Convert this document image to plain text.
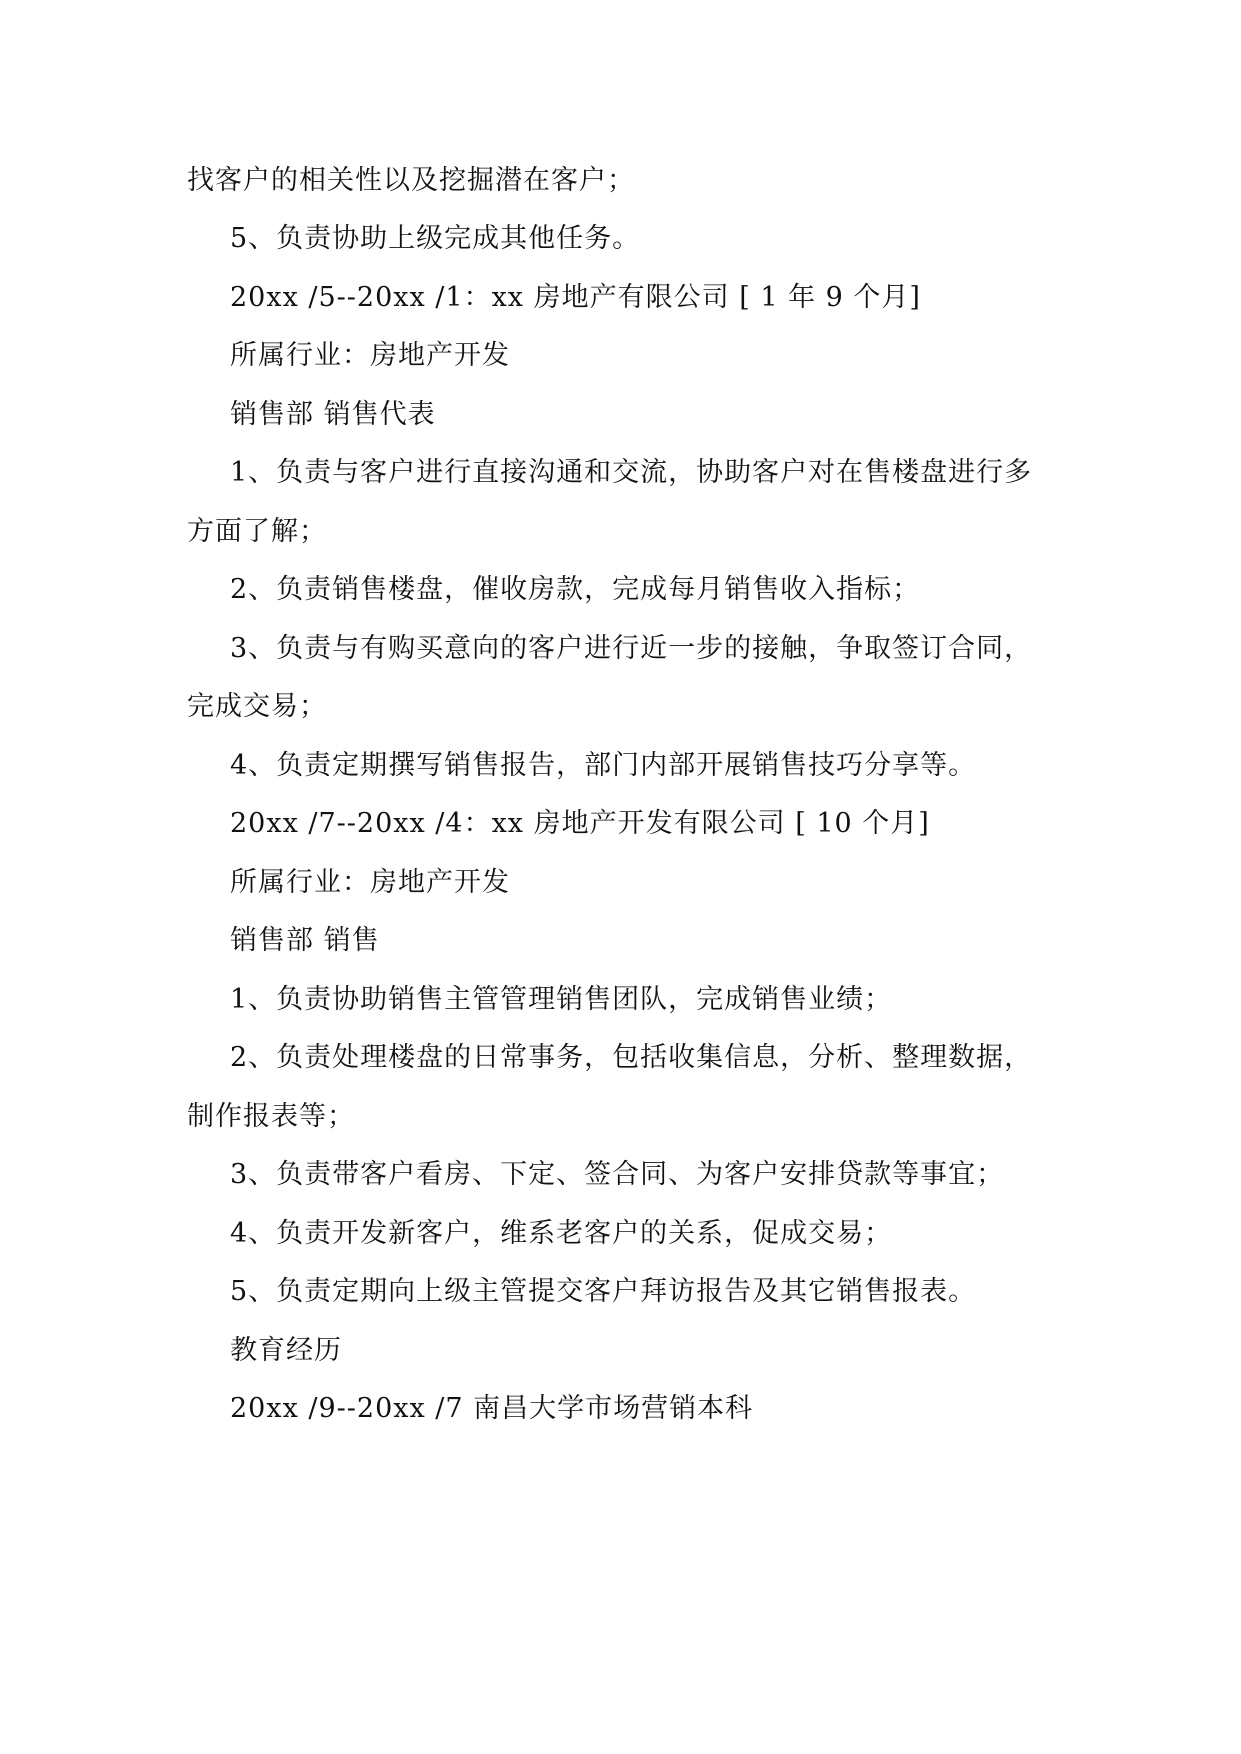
找客户的相关性以及挖掘潜在客户；
5、负责协助上级完成其他任务。
20xx /5--20xx /1：xx 房地产有限公司 [ 1 年 9 个月]
所属行业：房地产开发
销售部 销售代表
1、负责与客户进行直接沟通和交流，协助客户对在售楼盘进行多
方面了解；
2、负责销售楼盘，催收房款，完成每月销售收入指标；
3、负责与有购买意向的客户进行近一步的接触，争取签订合同，
完成交易；
4、负责定期撰写销售报告，部门内部开展销售技巧分享等。
20xx /7--20xx /4：xx 房地产开发有限公司 [ 10 个月]
所属行业：房地产开发
销售部 销售
1、负责协助销售主管管理销售团队，完成销售业绩；
2、负责处理楼盘的日常事务，包括收集信息，分析、整理数据，
制作报表等；
3、负责带客户看房、下定、签合同、为客户安排贷款等事宜；
4、负责开发新客户，维系老客户的关系，促成交易；
5、负责定期向上级主管提交客户拜访报告及其它销售报表。
教育经历
20xx /9--20xx /7 南昌大学市场营销本科
